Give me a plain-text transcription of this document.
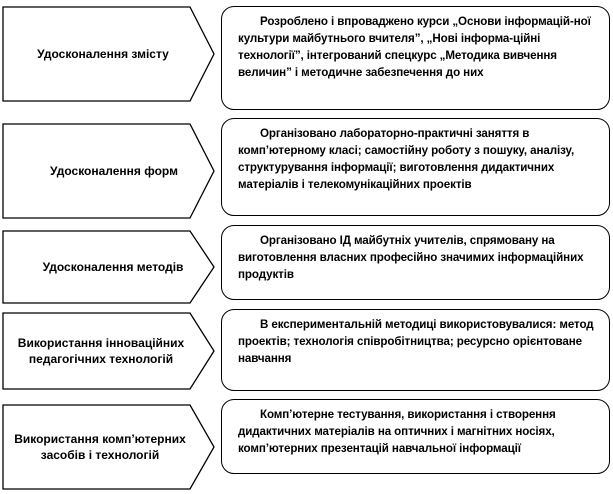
Удосконалення змісту
Розроблено і впроваджено курси „Основи інформацій-ної культури майбутнього вчителя”, „Нові інформа-ційні технології”, інтегрований спецкурс „Методика вивчення величин” і методичне забезпечення до них
Удосконалення форм
Організовано лабораторно-практичні заняття в комп’ютерному класі; самостійну роботу з пошуку, аналізу, структурування інформації; виготовлення дидактичних матеріалів і телекомунікаційних проектів
Удосконалення методів
Організовано ІД майбутніх учителів, спрямовану на виготовлення власних професійно значимих інформаційних продуктів
Використання інноваційних педагогічних технологій
В експериментальній методиці використовувалися: метод проектів; технологія співробітництва; ресурсно орієнтоване навчання
Використання комп’ютерних засобів і технологій
Комп’ютерне тестування, використання і створення дидактичних матеріалів на оптичних і магнітних носіях, комп’ютерних презентацій навчальної інформації
